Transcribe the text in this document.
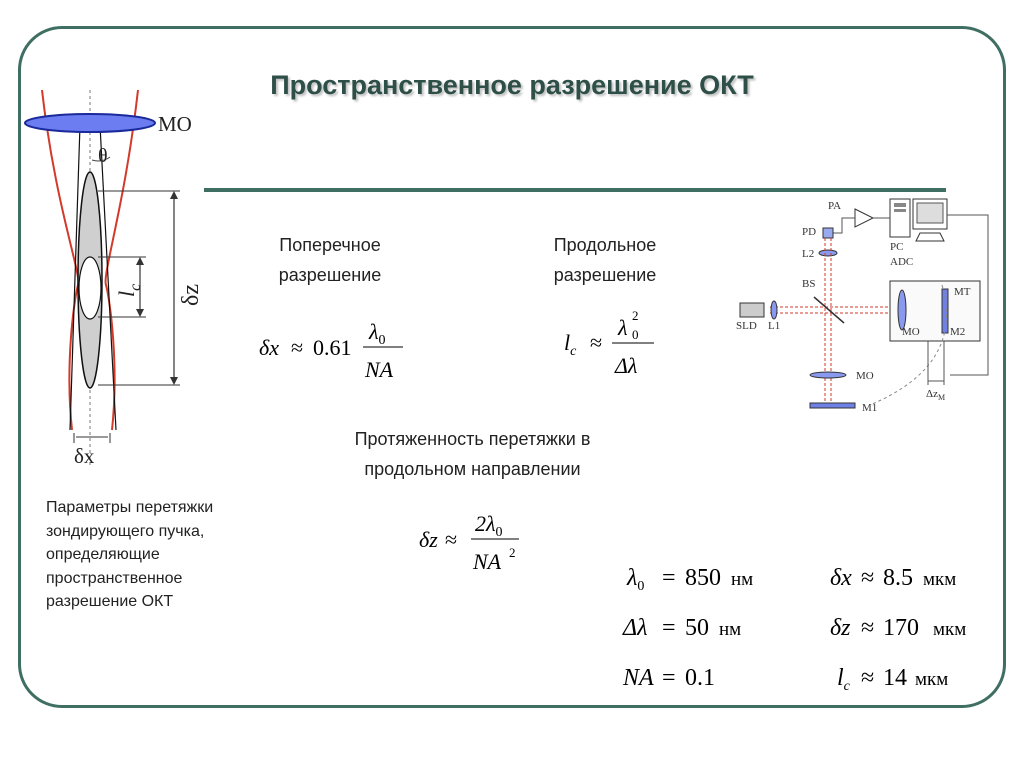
Пространственное разрешение ОКТ
MO
θ
δz
$l_c$
δx
Поперечное
разрешение
Продольное
разрешение
Протяженность перетяжки в
продольном направлении
Параметры перетяжки
зондирующего пучка,
определяющие
пространственное
разрешение ОКТ
δx ≈ 0.61
$\lambda_0$
NA
$l_c$ ≈
λ 2
0
Δλ
δz ≈
$2\lambda_0$
NA 2
$\lambda_0 = 850$ нм
Δλ = 50 нм
NA = 0.1
δx ≈ 8.5 мкм
δz ≈ 170 мкм
$l_c \approx 14$ мкм
PC
ADC
PA
PD
L2
SLD L1
BS
MT
MO	M2
MO
M1
$\Delta z_M$
